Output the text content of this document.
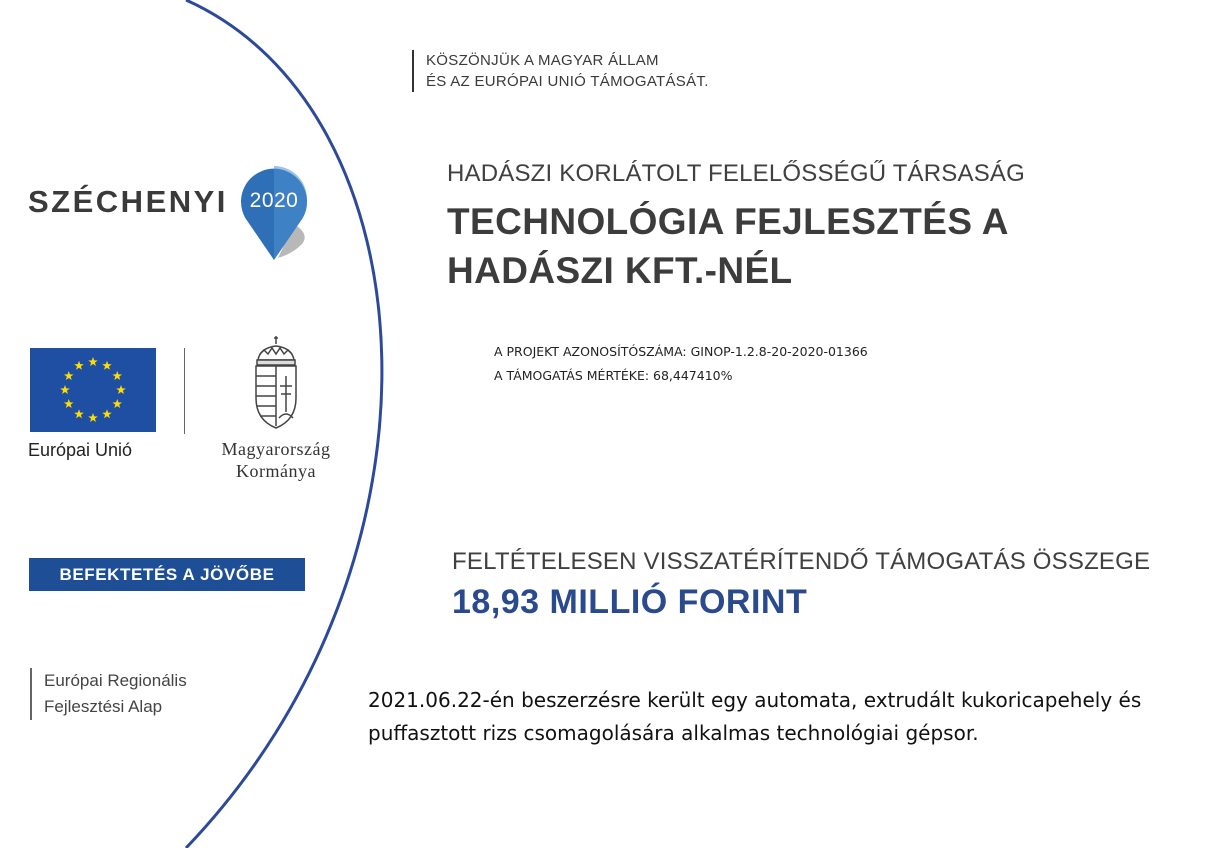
KÖSZÖNJÜK A MAGYAR ÁLLAM
ÉS AZ EURÓPAI UNIÓ TÁMOGATÁSÁT.
SZÉCHENYI 2020
HADÁSZI KORLÁTOLT FELELŐSSÉGŰ TÁRSASÁG
TECHNOLÓGIA FEJLESZTÉS A
HADÁSZI KFT.-NÉL
A PROJEKT AZONOSÍTÓSZÁMA: GINOP-1.2.8-20-2020-01366
A TÁMOGATÁS MÉRTÉKE: 68,447410%
Európai Unió	Magyarország
Kormánya
BEFEKTETÉS A JÖVŐBE
Európai Regionális
Fejlesztési Alap
FELTÉTELESEN VISSZATÉRÍTENDŐ TÁMOGATÁS ÖSSZEGE
18,93 MILLIÓ FORINT
2021.06.22-én beszerzésre került egy automata, extrudált kukoricapehely és puffasztott rizs csomagolására alkalmas technológiai gépsor.
